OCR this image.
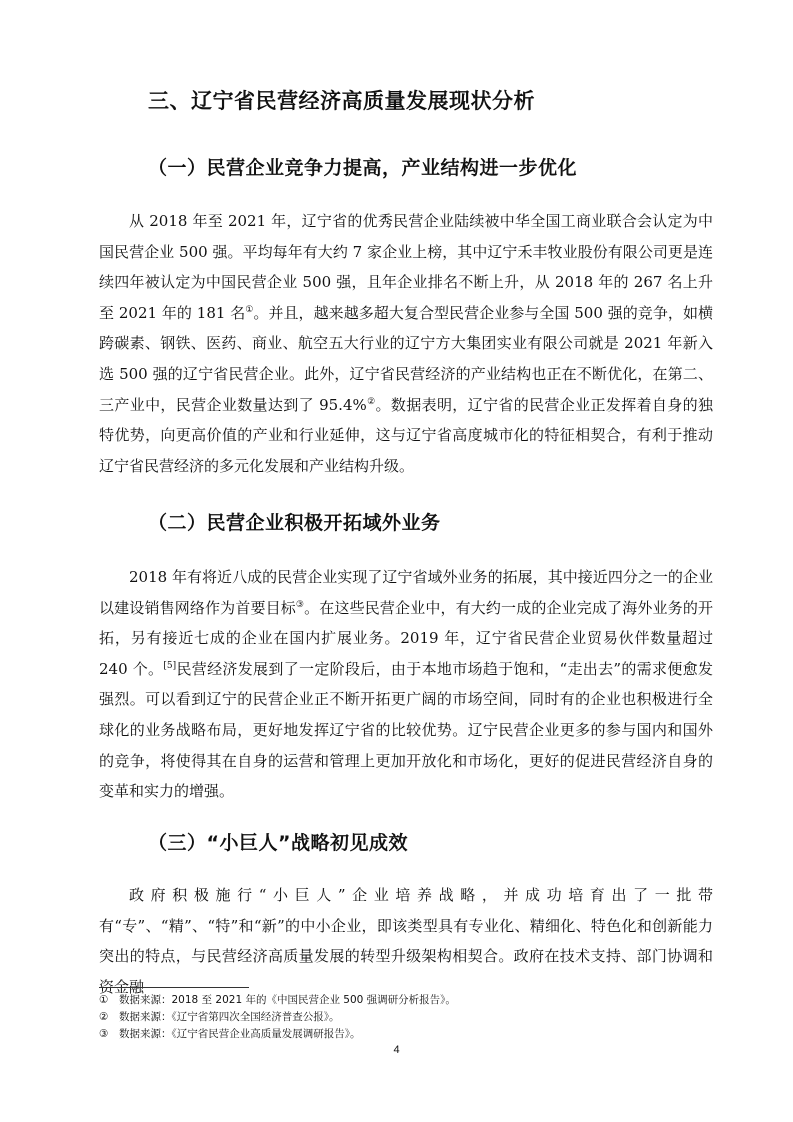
三、辽宁省民营经济高质量发展现状分析
（一）民营企业竞争力提高，产业结构进一步优化

从 2018 年至 2021 年，辽宁省的优秀民营企业陆续被中华全国工商业联合会认定为中国民营企业 500 强。平均每年有大约 7 家企业上榜，其中辽宁禾丰牧业股份有限公司更是连续四年被认定为中国民营企业 500 强，且年企业排名不断上升，从 2018 年的 267 名上升至 2021 年的 181 名①。并且，越来越多超大复合型民营企业参与全国 500 强的竞争，如横跨碳素、钢铁、医药、商业、航空五大行业的辽宁方大集团实业有限公司就是 2021 年新入选 500 强的辽宁省民营企业。此外，辽宁省民营经济的产业结构也正在不断优化，在第二、三产业中，民营企业数量达到了 95.4%②。数据表明，辽宁省的民营企业正发挥着自身的独特优势，向更高价值的产业和行业延伸，这与辽宁省高度城市化的特征相契合，有利于推动辽宁省民营经济的多元化发展和产业结构升级。

（二）民营企业积极开拓域外业务

2018 年有将近八成的民营企业实现了辽宁省域外业务的拓展，其中接近四分之一的企业以建设销售网络作为首要目标③。在这些民营企业中，有大约一成的企业完成了海外业务的开拓，另有接近七成的企业在国内扩展业务。2019 年，辽宁省民营企业贸易伙伴数量超过 240 个。[5]民营经济发展到了一定阶段后，由于本地市场趋于饱和，“走出去”的需求便愈发强烈。可以看到辽宁的民营企业正不断开拓更广阔的市场空间，同时有的企业也积极进行全球化的业务战略布局，更好地发挥辽宁省的比较优势。辽宁民营企业更多的参与国内和国外的竞争，将使得其在自身的运营和管理上更加开放化和市场化，更好的促进民营经济自身的变革和实力的增强。

（三）“小巨人”战略初见成效

政府积极施行“小巨人”企业培养战略，并成功培育出了一批带有“专”、“精”、“特”和“新”的中小企业，即该类型具有专业化、精细化、特色化和创新能力突出的特点，与民营经济高质量发展的转型升级架构相契合。政府在技术支持、部门协调和资金融

① 数据来源：2018 至 2021 年的《中国民营企业 500 强调研分析报告》。

② 数据来源：《辽宁省第四次全国经济普查公报》。

③ 数据来源：《辽宁省民营企业高质量发展调研报告》。

4
